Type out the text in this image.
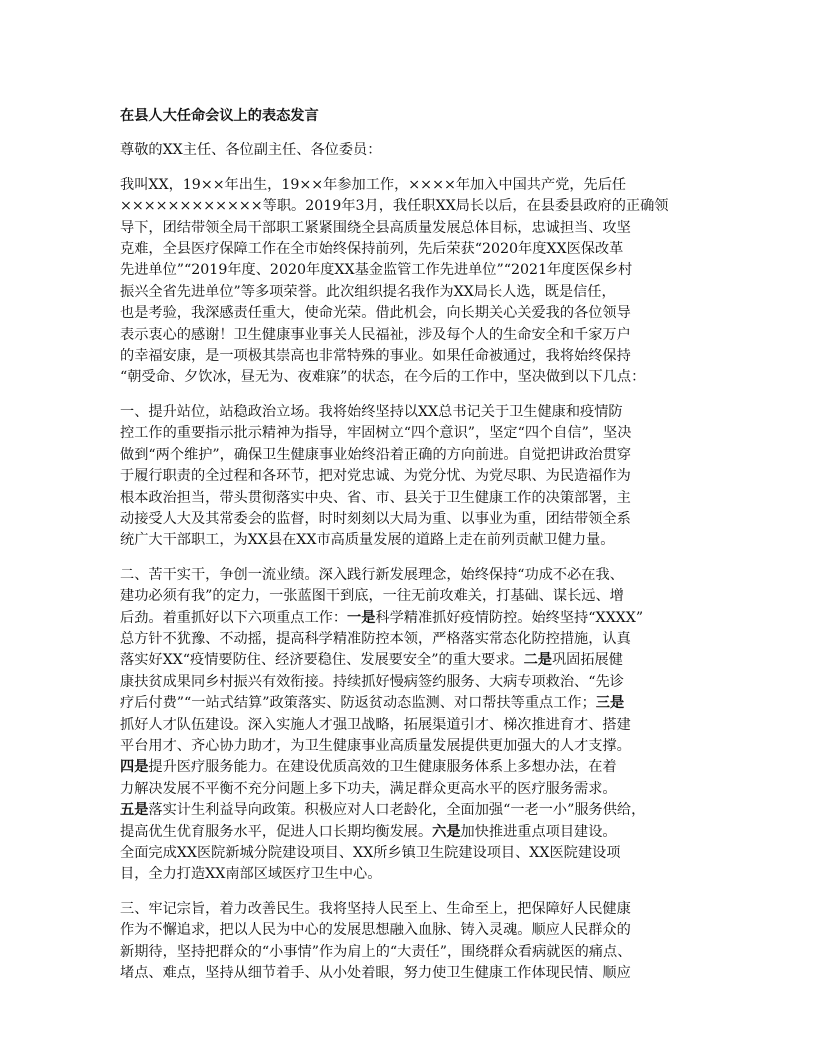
在县人大任命会议上的表态发言
尊敬的XX主任、各位副主任、各位委员：
我叫XX，19××年出生，19××年参加工作，××××年加入中国共产党，先后任
××××××××××××等职。2019年3月，我任职XX局长以后，在县委县政府的正确领
导下，团结带领全局干部职工紧紧围绕全县高质量发展总体目标，忠诚担当、攻坚
克难，全县医疗保障工作在全市始终保持前列，先后荣获“2020年度XX医保改革
先进单位”“2019年度、2020年度XX基金监管工作先进单位”“2021年度医保乡村
振兴全省先进单位”等多项荣誉。此次组织提名我作为XX局长人选，既是信任，
也是考验，我深感责任重大，使命光荣。借此机会，向长期关心关爱我的各位领导
表示衷心的感谢！卫生健康事业事关人民福祉，涉及每个人的生命安全和千家万户
的幸福安康，是一项极其崇高也非常特殊的事业。如果任命被通过，我将始终保持
“朝受命、夕饮冰，昼无为、夜难寐”的状态，在今后的工作中，坚决做到以下几点：
一、提升站位，站稳政治立场。我将始终坚持以XX总书记关于卫生健康和疫情防
控工作的重要指示批示精神为指导，牢固树立“四个意识”，坚定“四个自信”，坚决
做到“两个维护”，确保卫生健康事业始终沿着正确的方向前进。自觉把讲政治贯穿
于履行职责的全过程和各环节，把对党忠诚、为党分忧、为党尽职、为民造福作为
根本政治担当，带头贯彻落实中央、省、市、县关于卫生健康工作的决策部署，主
动接受人大及其常委会的监督，时时刻刻以大局为重、以事业为重，团结带领全系
统广大干部职工，为XX县在XX市高质量发展的道路上走在前列贡献卫健力量。
二、苦干实干，争创一流业绩。深入践行新发展理念，始终保持“功成不必在我、
建功必须有我”的定力，一张蓝图干到底，一往无前攻难关，打基础、谋长远、增
后劲。着重抓好以下六项重点工作：一是科学精准抓好疫情防控。始终坚持“XXXX”
总方针不犹豫、不动摇，提高科学精准防控本领，严格落实常态化防控措施，认真
落实好XX“疫情要防住、经济要稳住、发展要安全”的重大要求。二是巩固拓展健
康扶贫成果同乡村振兴有效衔接。持续抓好慢病签约服务、大病专项救治、“先诊
疗后付费”“一站式结算”政策落实、防返贫动态监测、对口帮扶等重点工作；三是
抓好人才队伍建设。深入实施人才强卫战略，拓展渠道引才、梯次推进育才、搭建
平台用才、齐心协力助才，为卫生健康事业高质量发展提供更加强大的人才支撑。
四是提升医疗服务能力。在建设优质高效的卫生健康服务体系上多想办法，在着
力解决发展不平衡不充分问题上多下功夫，满足群众更高水平的医疗服务需求。
五是落实计生利益导向政策。积极应对人口老龄化，全面加强“一老一小”服务供给，
提高优生优育服务水平，促进人口长期均衡发展。六是加快推进重点项目建设。
全面完成XX医院新城分院建设项目、XX所乡镇卫生院建设项目、XX医院建设项
目，全力打造XX南部区域医疗卫生中心。
三、牢记宗旨，着力改善民生。我将坚持人民至上、生命至上，把保障好人民健康
作为不懈追求，把以人民为中心的发展思想融入血脉、铸入灵魂。顺应人民群众的
新期待，坚持把群众的“小事情”作为肩上的“大责任”，围绕群众看病就医的痛点、
堵点、难点，坚持从细节着手、从小处着眼，努力使卫生健康工作体现民情、顺应
